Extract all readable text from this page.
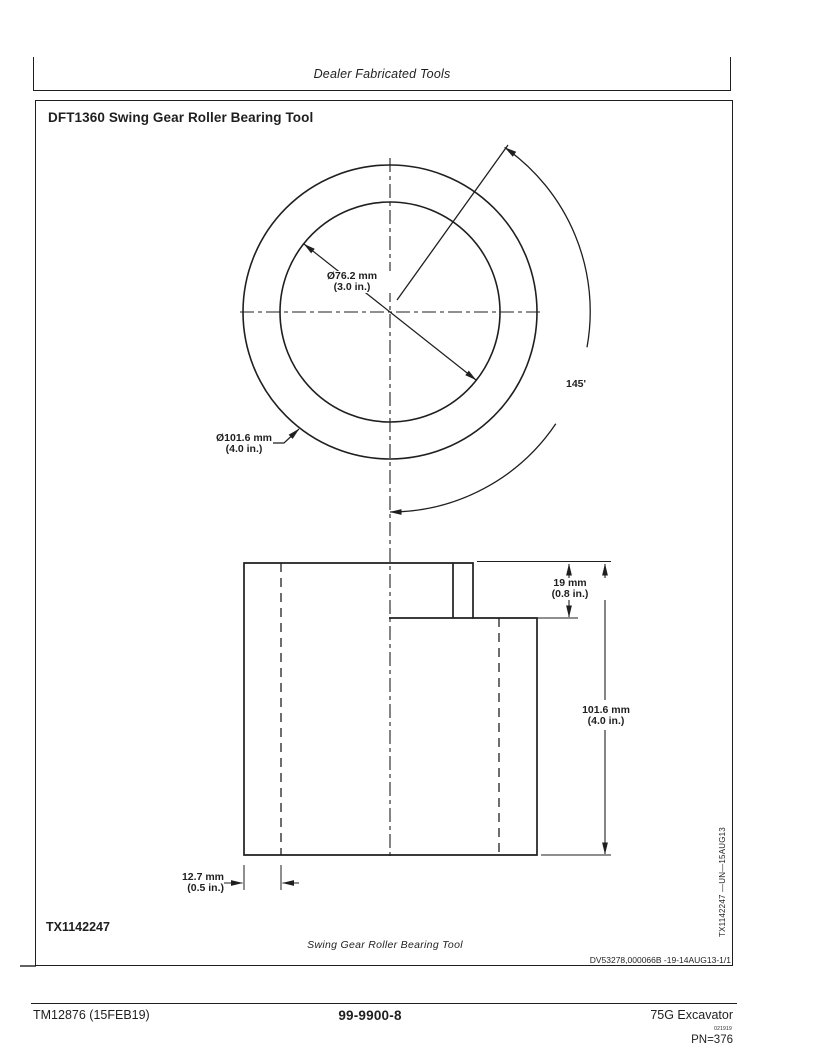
Dealer Fabricated Tools
DFT1360 Swing Gear Roller Bearing Tool
Ø76.2 mm
(3.0 in.)
Ø101.6 mm
(4.0 in.)
145'
19 mm
(0.8 in.)
101.6 mm
(4.0 in.)
12.7 mm
(0.5 in.)
TX1142247
Swing Gear Roller Bearing Tool
TX1142247 —UN—15AUG13
DV53278,000066B -19-14AUG13-1/1
TM12876 (15FEB19)	99-9900-8	75G Excavator
021919
PN=376
